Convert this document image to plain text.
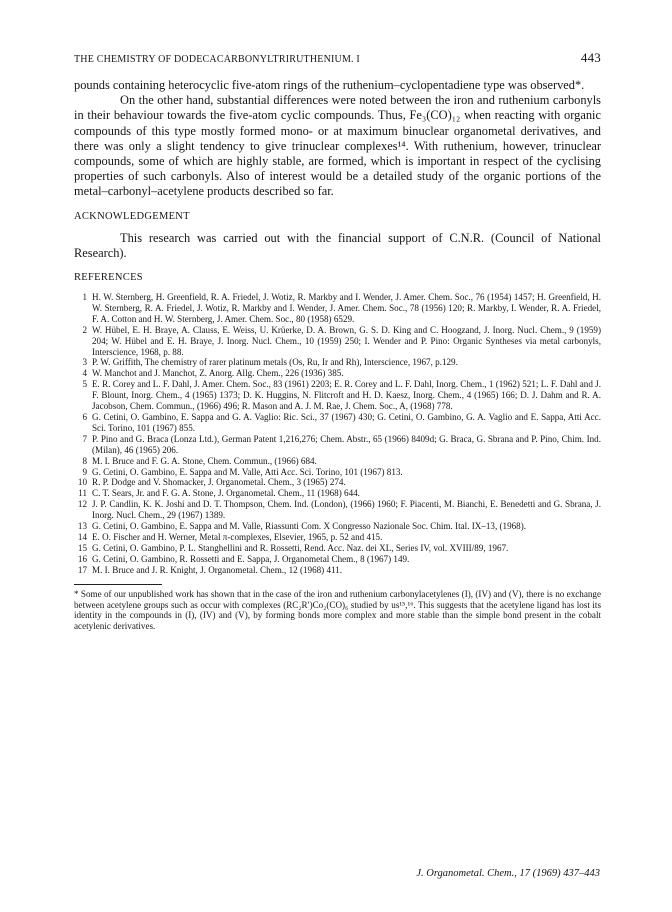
THE CHEMISTRY OF DODECACARBONYLTRIRUTHENIUM. I	443

pounds containing heterocyclic five-atom rings of the ruthenium–cyclopentadiene type was observed*.

On the other hand, substantial differences were noted between the iron and ruthenium carbonyls in their behaviour towards the five-atom cyclic compounds. Thus, Fe₃(CO)₁₂ when reacting with organic compounds of this type mostly formed mono- or at maximum binuclear organometal derivatives, and there was only a slight tendency to give trinuclear complexes¹⁴. With ruthenium, however, trinuclear compounds, some of which are highly stable, are formed, which is important in respect of the cyclising properties of such carbonyls. Also of interest would be a detailed study of the organic portions of the metal–carbonyl–acetylene products described so far.

ACKNOWLEDGEMENT

This research was carried out with the financial support of C.N.R. (Council of National Research).

REFERENCES
1 H. W. Sternberg, H. Greenfield, R. A. Friedel, J. Wotiz, R. Markby and I. Wender, J. Amer. Chem. Soc., 76 (1954) 1457; H. Greenfield, H. W. Sternberg, R. A. Friedel, J. Wotiz, R. Markby and I. Wender, J. Amer. Chem. Soc., 78 (1956) 120; R. Markby, I. Wender, R. A. Friedel, F. A. Cotton and H. W. Sternberg, J. Amer. Chem. Soc., 80 (1958) 6529.
2 W. Hübel, E. H. Braye, A. Clauss, E. Weiss, U. Krüerke, D. A. Brown, G. S. D. King and C. Hoogzand, J. Inorg. Nucl. Chem., 9 (1959) 204; W. Hübel and E. H. Braye, J. Inorg. Nucl. Chem., 10 (1959) 250; I. Wender and P. Pino: Organic Syntheses via metal carbonyls, Interscience, 1968, p. 88.
3 P. W. Griffith, The chemistry of rarer platinum metals (Os, Ru, Ir and Rh), Interscience, 1967, p.129.
4 W. Manchot and J. Manchot, Z. Anorg. Allg. Chem., 226 (1936) 385.
5 E. R. Corey and L. F. Dahl, J. Amer. Chem. Soc., 83 (1961) 2203; E. R. Corey and L. F. Dahl, Inorg. Chem., 1 (1962) 521; L. F. Dahl and J. F. Blount, Inorg. Chem., 4 (1965) 1373; D. K. Huggins, N. Flitcroft and H. D. Kaesz, Inorg. Chem., 4 (1965) 166; D. J. Dahm and R. A. Jacobson, Chem. Commun., (1966) 496; R. Mason and A. J. M. Rae, J. Chem. Soc., A, (1968) 778.
6 G. Cetini, O. Gambino, E. Sappa and G. A. Vaglio: Ric. Sci., 37 (1967) 430; G. Cetini, O. Gambino, G. A. Vaglio and E. Sappa, Atti Acc. Sci. Torino, 101 (1967) 855.
7 P. Pino and G. Braca (Lonza Ltd.), German Patent 1,216,276; Chem. Abstr., 65 (1966) 8409d; G. Braca, G. Sbrana and P. Pino, Chim. Ind. (Milan), 46 (1965) 206.
8 M. I. Bruce and F. G. A. Stone, Chem. Commun., (1966) 684.
9 G. Cetini, O. Gambino, E. Sappa and M. Valle, Atti Acc. Sci. Torino, 101 (1967) 813.
10 R. P. Dodge and V. Shomacker, J. Organometal. Chem., 3 (1965) 274.
11 C. T. Sears, Jr. and F. G. A. Stone, J. Organometal. Chem., 11 (1968) 644.
12 J. P. Candlin, K. K. Joshi and D. T. Thompson, Chem. Ind. (London), (1966) 1960; F. Piacenti, M. Bianchi, E. Benedetti and G. Sbrana, J. Inorg. Nucl. Chem., 29 (1967) 1389.
13 G. Cetini, O. Gambino, E. Sappa and M. Valle, Riassunti Com. X Congresso Nazionale Soc. Chim. Ital. IX–13, (1968).
14 E. O. Fischer and H. Werner, Metal π-complexes, Elsevier, 1965, p. 52 and 415.
15 G. Cetini, O. Gambino, P. L. Stanghellini and R. Rossetti, Rend. Acc. Naz. dei XL, Series IV, vol. XVIII/89, 1967.
16 G. Cetini, O. Gambino, R. Rossetti and E. Sappa, J. Organometal Chem., 8 (1967) 149.
17 M. I. Bruce and J. R. Knight, J. Organometal. Chem., 12 (1968) 411.

* Some of our unpublished work has shown that in the case of the iron and ruthenium carbonylacetylenes (I), (IV) and (V), there is no exchange between acetylene groups such as occur with complexes (RC₂R′)Co₂(CO)₆ studied by us¹⁵,¹⁶. This suggests that the acetylene ligand has lost its identity in the compounds in (I), (IV) and (V), by forming bonds more complex and more stable than the simple bond present in the cobalt acetylenic derivatives.

J. Organometal. Chem., 17 (1969) 437–443
